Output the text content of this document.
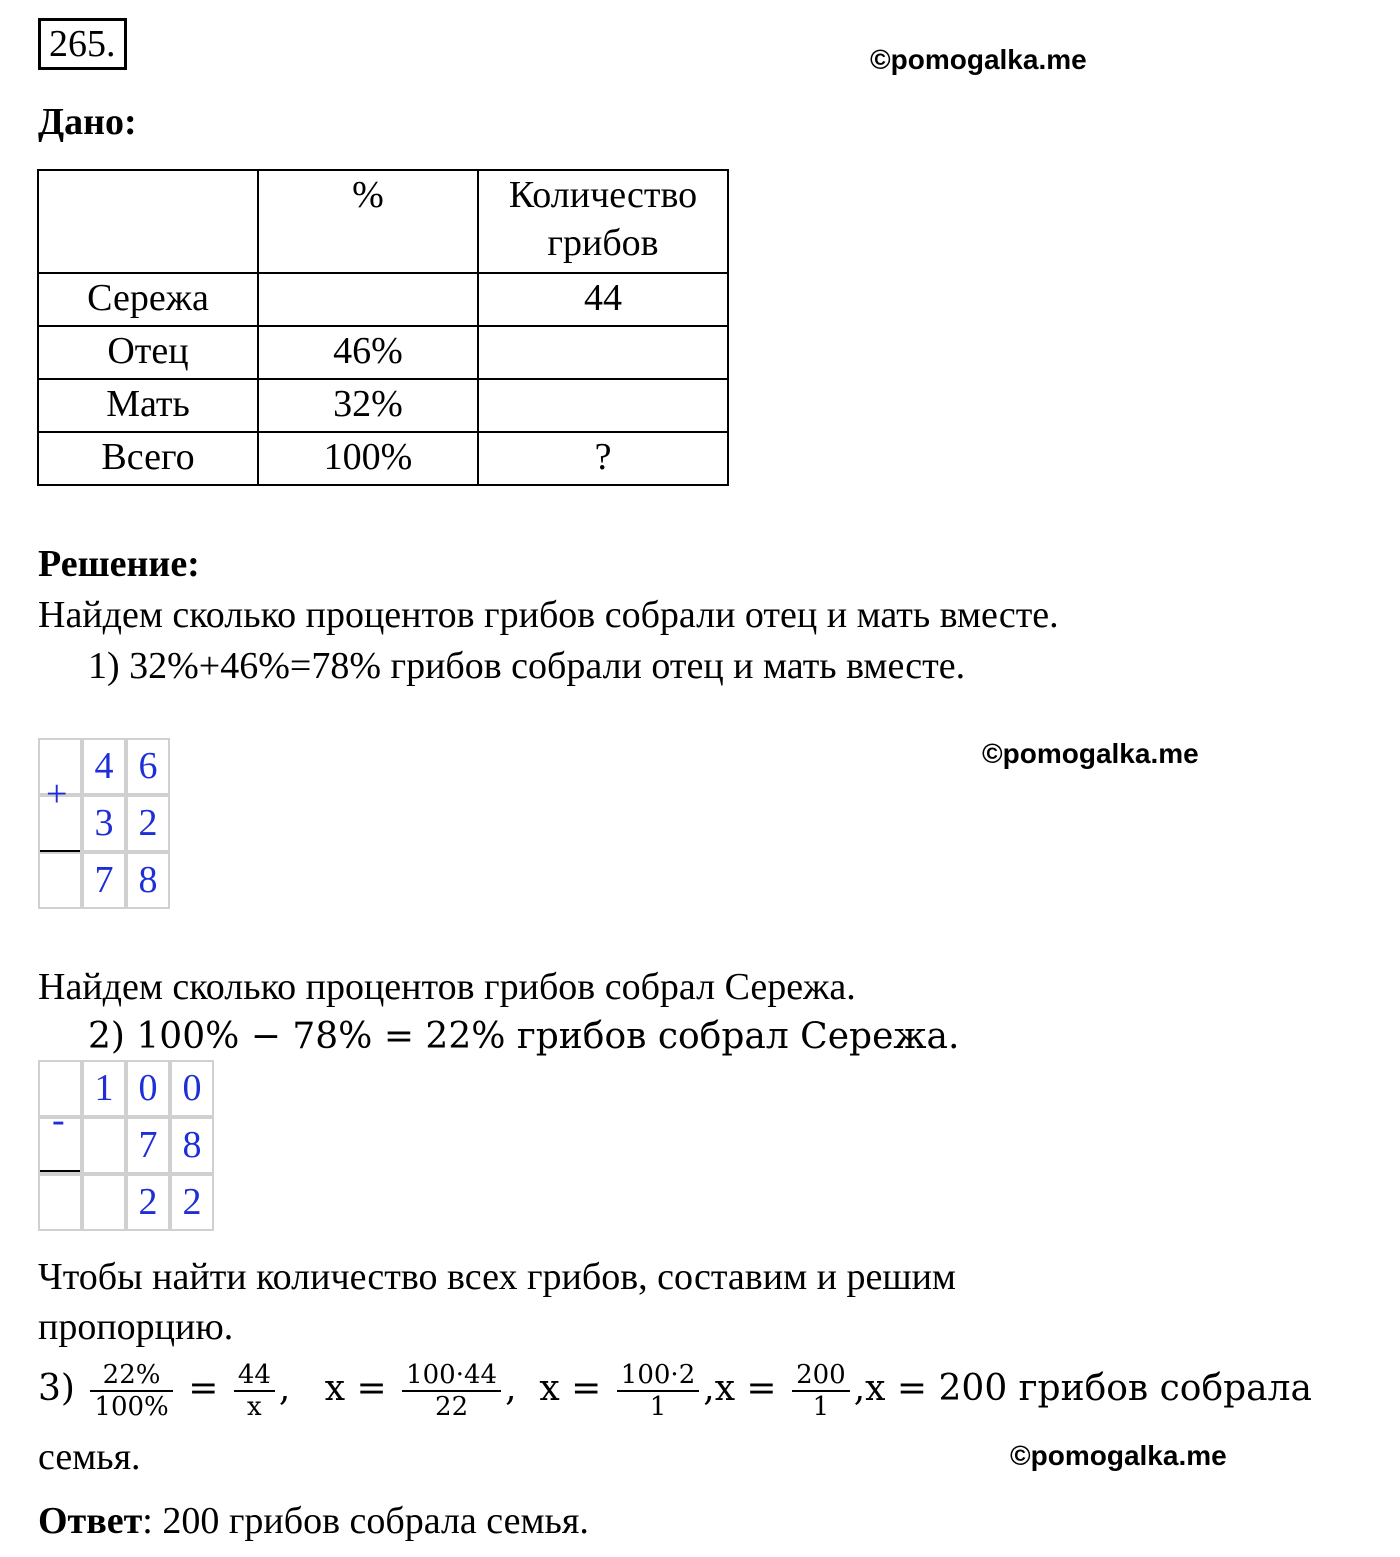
265.	©pomogalka.me
Дано:
	%	Количество грибов
Сережа		44
Отец	46%	
Мать	32%	
Всего	100%	?
Решение:
Найдем сколько процентов грибов собрали отец и мать вместе.
1) 32%+46%=78% грибов собрали отец и мать вместе.
©pomogalka.me
	4	6
	3	2
	7	8
+
Найдем сколько процентов грибов собрал Сережа.
2) 100% − 78% = 22% грибов собрал Сережа.
	1	0	0
		7	8
		2	2
-
Чтобы найти количество всех грибов, составим и решим
пропорцию.
$3) \frac{22\%}{100\%} = \frac{44}{x}$ , $x = \frac{100\cdot 44}{22}$ , $x = \frac{100\cdot 2}{1} ,x = \frac{200}{1} ,x = 200$ грибов собрала
семья.	©pomogalka.me
Ответ: 200 грибов собрала семья.
